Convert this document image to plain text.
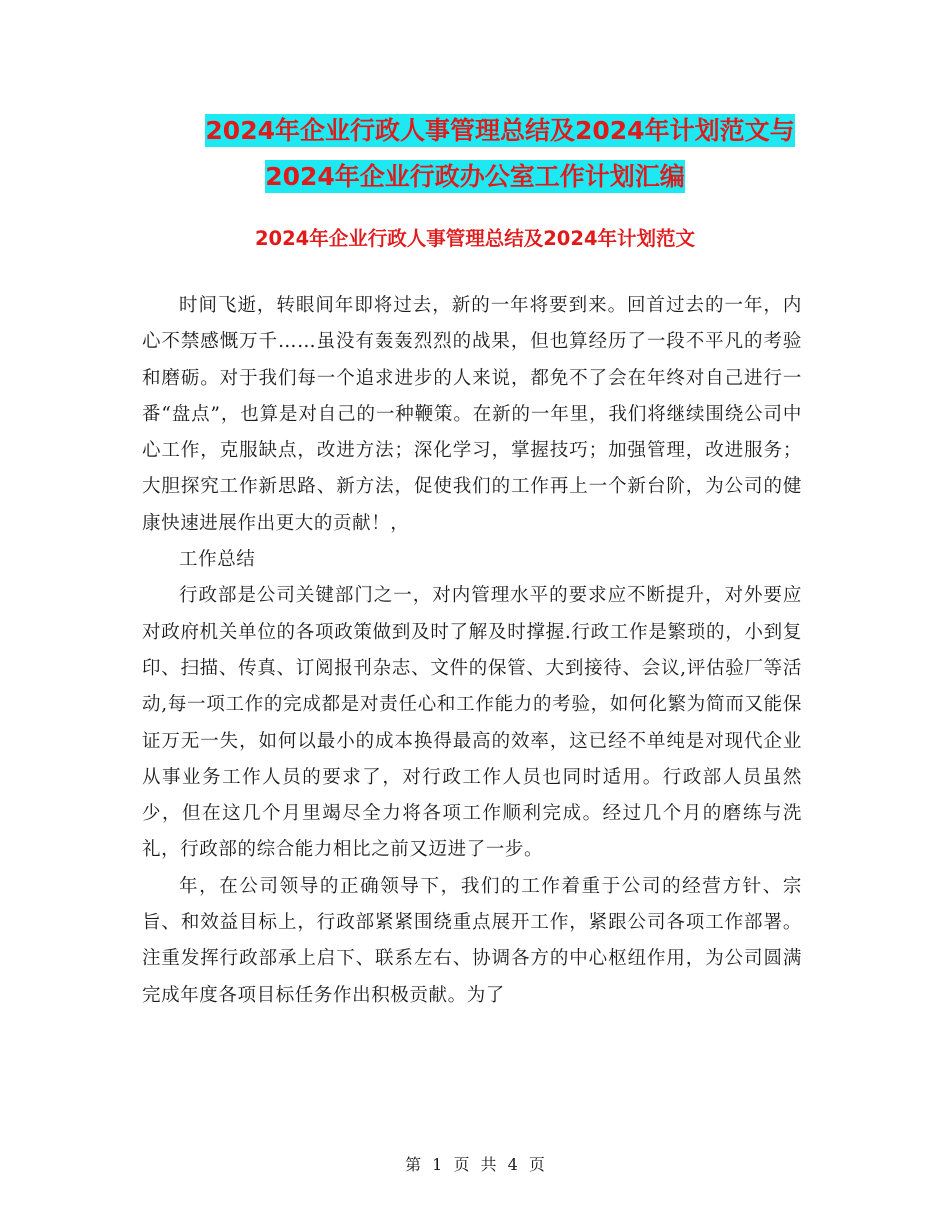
2024年企业行政人事管理总结及2024年计划范文与
2024年企业行政办公室工作计划汇编
2024年企业行政人事管理总结及2024年计划范文

时间飞逝，转眼间年即将过去，新的一年将要到来。回首过去的一年，内心不禁感慨万千……虽没有轰轰烈烈的战果，但也算经历了一段不平凡的考验和磨砺。对于我们每一个追求进步的人来说，都免不了会在年终对自己进行一番“盘点”，也算是对自己的一种鞭策。在新的一年里，我们将继续围绕公司中心工作，克服缺点，改进方法；深化学习，掌握技巧；加强管理，改进服务；大胆探究工作新思路、新方法，促使我们的工作再上一个新台阶，为公司的健康快速进展作出更大的贡献！，

工作总结

行政部是公司关键部门之一，对内管理水平的要求应不断提升，对外要应对政府机关单位的各项政策做到及时了解及时撑握.行政工作是繁琐的，小到复印、扫描、传真、订阅报刊杂志、文件的保管、大到接待、会议,评估验厂等活动,每一项工作的完成都是对责任心和工作能力的考验，如何化繁为简而又能保证万无一失，如何以最小的成本换得最高的效率，这已经不单纯是对现代企业从事业务工作人员的要求了，对行政工作人员也同时适用。行政部人员虽然少，但在这几个月里竭尽全力将各项工作顺利完成。经过几个月的磨练与洗礼，行政部的综合能力相比之前又迈进了一步。

年，在公司领导的正确领导下，我们的工作着重于公司的经营方针、宗旨、和效益目标上，行政部紧紧围绕重点展开工作，紧跟公司各项工作部署。注重发挥行政部承上启下、联系左右、协调各方的中心枢纽作用，为公司圆满完成年度各项目标任务作出积极贡献。为了

第 1 页 共 4 页
